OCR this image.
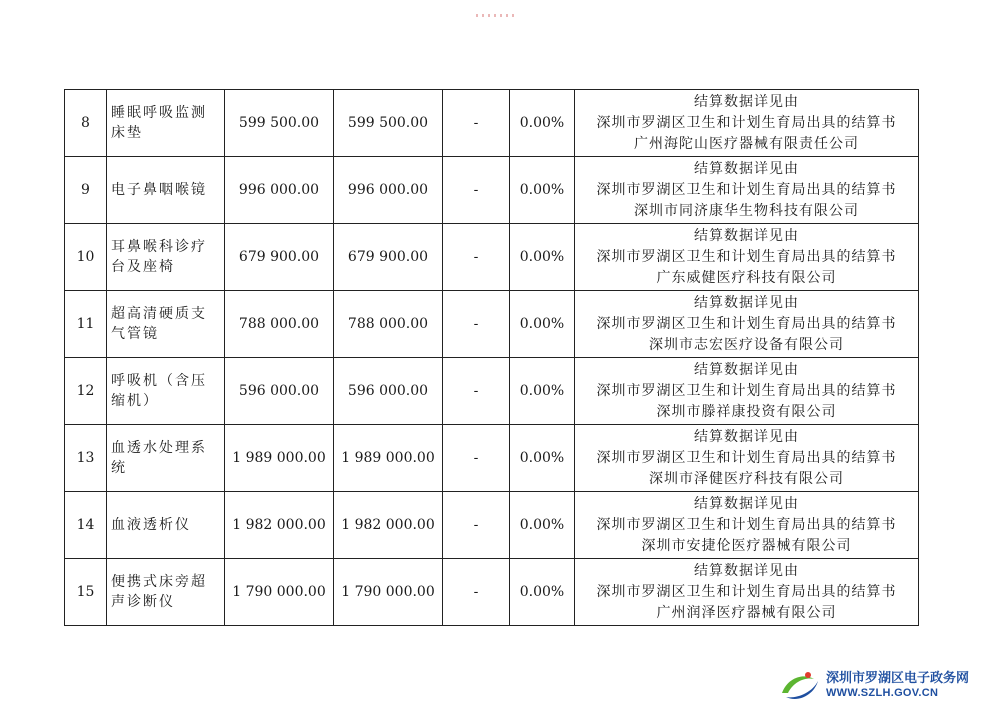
8	睡眠呼吸监测床垫	599 500.00	599 500.00	-	0.00%	结算数据详见由
深圳市罗湖区卫生和计划生育局出具的结算书
广州海陀山医疗器械有限责任公司

9	电子鼻咽喉镜	996 000.00	996 000.00	-	0.00%	结算数据详见由
深圳市罗湖区卫生和计划生育局出具的结算书
深圳市同济康华生物科技有限公司

10	耳鼻喉科诊疗台及座椅	679 900.00	679 900.00	-	0.00%	结算数据详见由
深圳市罗湖区卫生和计划生育局出具的结算书
广东威健医疗科技有限公司

11	超高清硬质支气管镜	788 000.00	788 000.00	-	0.00%	结算数据详见由
深圳市罗湖区卫生和计划生育局出具的结算书
深圳市志宏医疗设备有限公司

12	呼吸机（含压缩机）	596 000.00	596 000.00	-	0.00%	结算数据详见由
深圳市罗湖区卫生和计划生育局出具的结算书
深圳市滕祥康投资有限公司

13	血透水处理系统	1 989 000.00	1 989 000.00	-	0.00%	结算数据详见由
深圳市罗湖区卫生和计划生育局出具的结算书
深圳市泽健医疗科技有限公司

14	血液透析仪	1 982 000.00	1 982 000.00	-	0.00%	结算数据详见由
深圳市罗湖区卫生和计划生育局出具的结算书
深圳市安捷伦医疗器械有限公司

15	便携式床旁超声诊断仪	1 790 000.00	1 790 000.00	-	0.00%	结算数据详见由
深圳市罗湖区卫生和计划生育局出具的结算书
广州润泽医疗器械有限公司
深圳市罗湖区电子政务网
WWW.SZLH.GOV.CN
